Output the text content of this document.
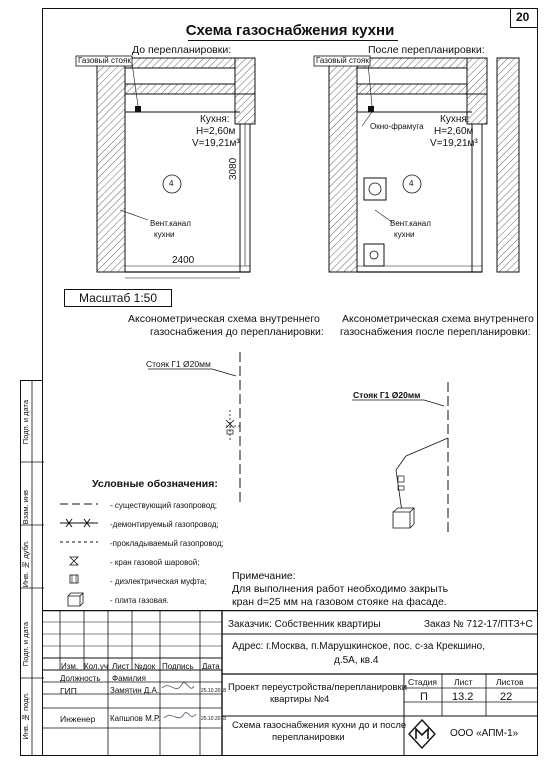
20
Схема газоснабжения кухни
До перепланировки:	После перепланировки:
Газовый стояк
Кухня:
H=2,60м
V=19,21м³
4
Вент.канал
кухни
2400
3080
Газовый стояк
Окно-фрамуга
Кухня:
H=2,60м
V=19,21м³
4
Вент.канал
кухни
Масштаб 1:50
Аксонометрическая схема внутреннего
газоснабжения до перепланировки:
Аксонометрическая схема внутреннего
газоснабжения после перепланировки:
Стояк Г1 Ø20мм
Стояк Г1 Ø20мм
Условные обозначения:
- существующий газопровод;
-демонтируемый газопровод;
-прокладываемый газопровод;
- кран газовой шаровой;
- диэлектрическая муфта;
- плита газовая.
Примечание:
Для выполнения работ необходимо закрыть
кран d=25 мм на газовом стояке на фасаде.
Подп. и дата
Взам. инв
Инв. № дубл.
Подп. и дата
Инв. № подл.
Заказчик: Собственник квартиры	Заказ № 712-17/ПТЗ+С
Адрес: г.Москва, п.Марушкинское, пос. с-за Крекшино,
д.5А, кв.4
Изм. Кол.уч Лист №док Подпись Дата
Должность Фамилия
ГИП	Замятин Д.А.	25.10.2018
Инженер Капшпов М.Р.	25.10.2018
Проект переустройства/перепланировки
квартиры №4
Стадия Лист	Листов
П 13.2 22
Схема газоснабжения кухни до и после
перепланировки	ООО «АПМ-1»
